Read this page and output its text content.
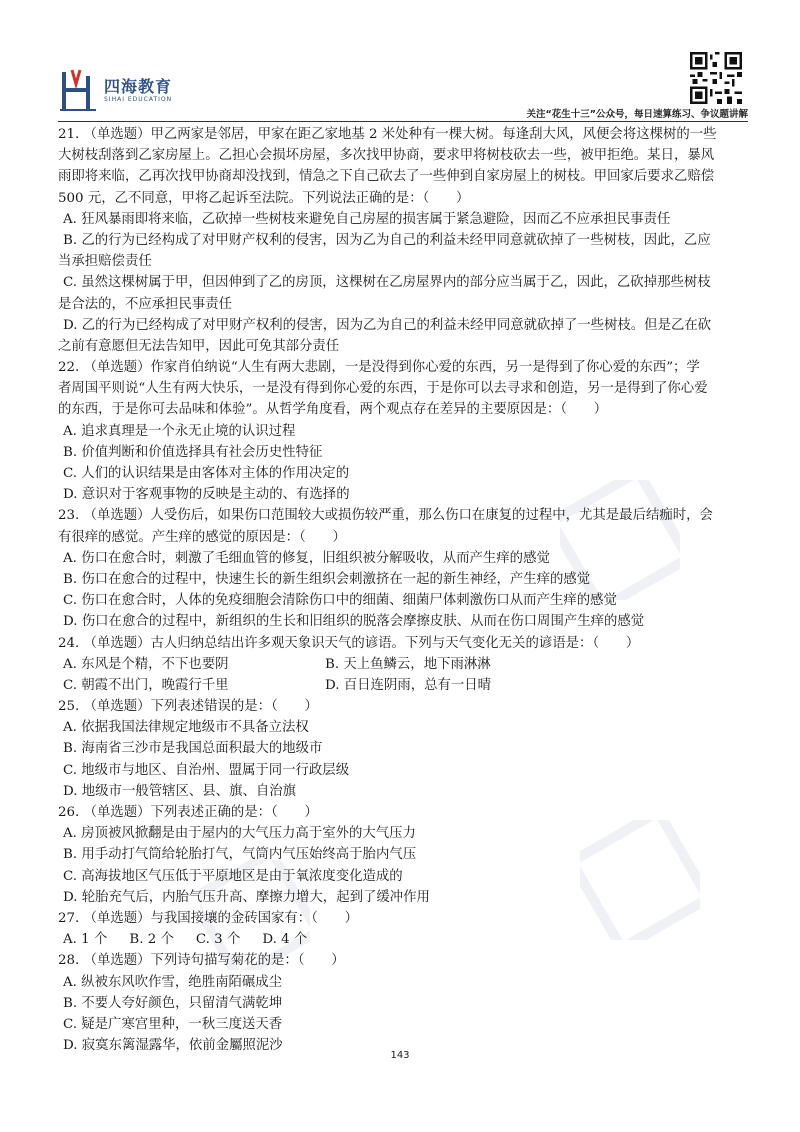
四海教育
SIHAI EDUCATION
关注“花生十三”公众号，每日速算练习、争议题讲解
21. （单选题）甲乙两家是邻居，甲家在距乙家地基 2 米处种有一棵大树。每逢刮大风，风便会将这棵树的一些
大树枝刮落到乙家房屋上。乙担心会损坏房屋，多次找甲协商，要求甲将树枝砍去一些，被甲拒绝。某日，暴风
雨即将来临，乙再次找甲协商却没找到，情急之下自己砍去了一些伸到自家房屋上的树枝。甲回家后要求乙赔偿
500 元，乙不同意，甲将乙起诉至法院。下列说法正确的是：（　　）
A. 狂风暴雨即将来临，乙砍掉一些树枝来避免自己房屋的损害属于紧急避险，因而乙不应承担民事责任
B. 乙的行为已经构成了对甲财产权利的侵害，因为乙为自己的利益未经甲同意就砍掉了一些树枝，因此，乙应
当承担赔偿责任
C. 虽然这棵树属于甲，但因伸到了乙的房顶，这棵树在乙房屋界内的部分应当属于乙，因此，乙砍掉那些树枝
是合法的，不应承担民事责任
D. 乙的行为已经构成了对甲财产权利的侵害，因为乙为自己的利益未经甲同意就砍掉了一些树枝。但是乙在砍
之前有意愿但无法告知甲，因此可免其部分责任
22. （单选题）作家肖伯纳说“人生有两大悲剧，一是没得到你心爱的东西，另一是得到了你心爱的东西”；学
者周国平则说“人生有两大快乐，一是没有得到你心爱的东西，于是你可以去寻求和创造，另一是得到了你心爱
的东西，于是你可去品味和体验”。从哲学角度看，两个观点存在差异的主要原因是：（　　）
A. 追求真理是一个永无止境的认识过程
B. 价值判断和价值选择具有社会历史性特征
C. 人们的认识结果是由客体对主体的作用决定的
D. 意识对于客观事物的反映是主动的、有选择的
23. （单选题）人受伤后，如果伤口范围较大或损伤较严重，那么伤口在康复的过程中，尤其是最后结痂时，会
有很痒的感觉。产生痒的感觉的原因是：（　　）
A. 伤口在愈合时，刺激了毛细血管的修复，旧组织被分解吸收，从而产生痒的感觉
B. 伤口在愈合的过程中，快速生长的新生组织会刺激挤在一起的新生神经，产生痒的感觉
C. 伤口在愈合时，人体的免疫细胞会清除伤口中的细菌、细菌尸体刺激伤口从而产生痒的感觉
D. 伤口在愈合的过程中，新组织的生长和旧组织的脱落会摩擦皮肤、从而在伤口周围产生痒的感觉
24. （单选题）古人归纳总结出许多观天象识天气的谚语。下列与天气变化无关的谚语是：（　　）
A. 东风是个精，不下也要阴	B. 天上鱼鳞云，地下雨淋淋
C. 朝霞不出门，晚霞行千里	D. 百日连阴雨，总有一日晴
25. （单选题）下列表述错误的是：（　　）
A. 依据我国法律规定地级市不具备立法权
B. 海南省三沙市是我国总面积最大的地级市
C. 地级市与地区、自治州、盟属于同一行政层级
D. 地级市一般管辖区、县、旗、自治旗
26. （单选题）下列表述正确的是：（　　）
A. 房顶被风掀翻是由于屋内的大气压力高于室外的大气压力
B. 用手动打气筒给轮胎打气，气筒内气压始终高于胎内气压
C. 高海拔地区气压低于平原地区是由于氧浓度变化造成的
D. 轮胎充气后，内胎气压升高、摩擦力增大，起到了缓冲作用
27. （单选题）与我国接壤的金砖国家有：（　　）
A. 1 个 B. 2 个 C. 3 个 D. 4 个
28. （单选题）下列诗句描写菊花的是：（　　）
A. 纵被东风吹作雪，绝胜南陌碾成尘
B. 不要人夸好颜色，只留清气满乾坤
C. 疑是广寒宫里种，一秋三度送天香
D. 寂寞东篱湿露华，依前金屬照泥沙
143
